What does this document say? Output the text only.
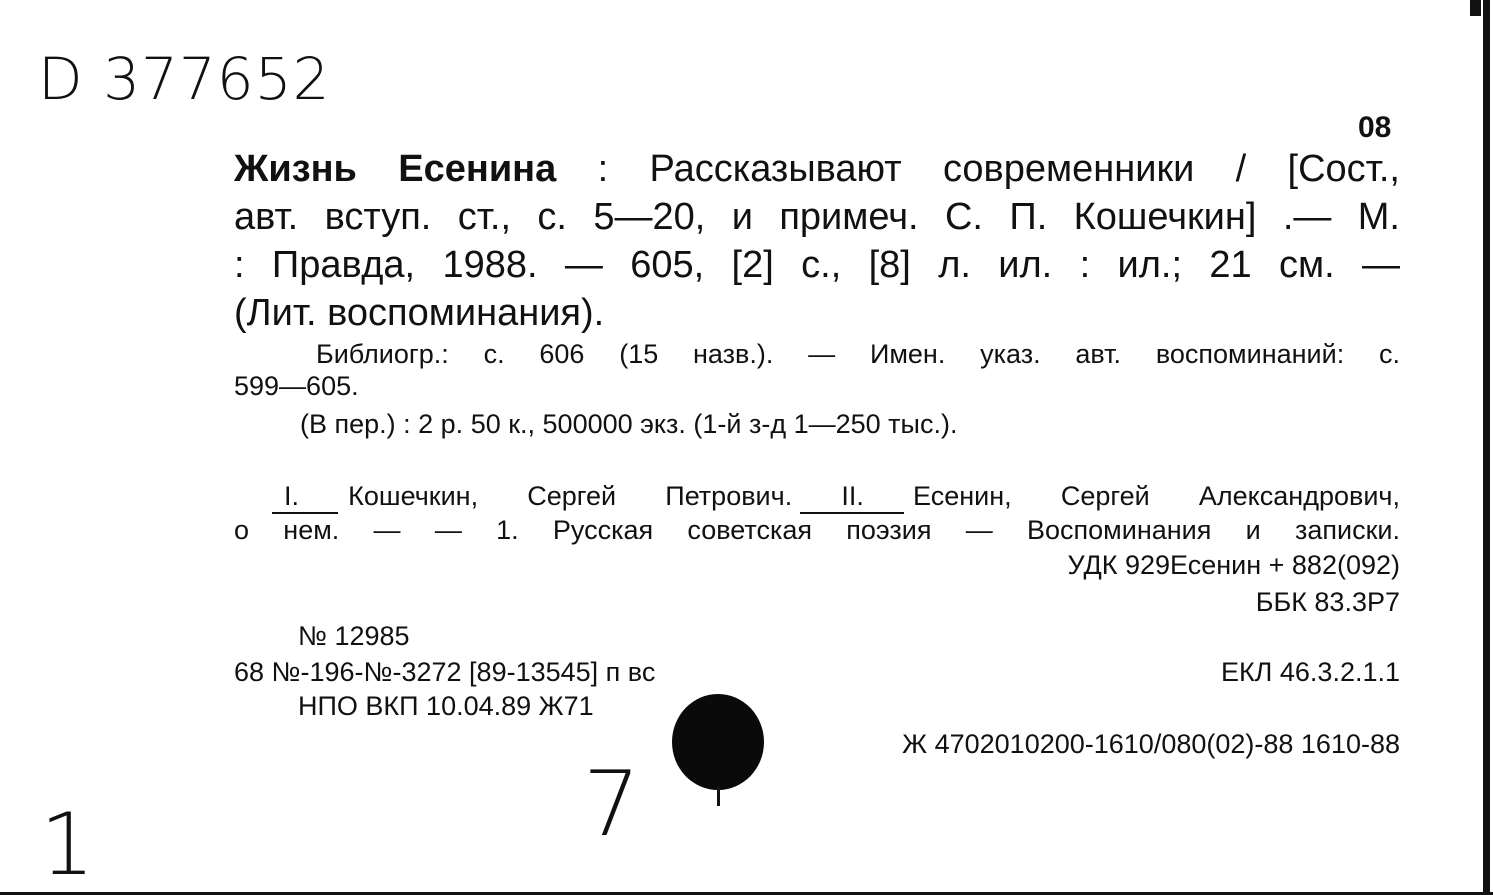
D 377652
08
Жизнь Есенина : Рассказывают современники / [Сост.,
авт. вступ. ст., с. 5—20, и примеч. С. П. Кошечкин] .— М.
: Правда, 1988. — 605, [2] с., [8] л. ил. : ил.; 21 см. —
(Лит. воспоминания).
Библиогр.: с. 606 (15 назв.). — Имен. указ. авт. воспоминаний: с.
599—605.
(В пер.) : 2 р. 50 к., 500000 экз. (1-й з-д 1—250 тыс.).
I. Кошечкин, Сергей Петрович. II. Есенин, Сергей Александрович,
о нем. — — 1. Русская советская поэзия — Воспоминания и записки.
УДК 929Есенин + 882(092)
ББК 83.3Р7
№ 12985
68 №-196-№-3272 [89-13545] п вс	ЕКЛ 46.3.2.1.1
НПО ВКП 10.04.89 Ж71
Ж 4702010200-1610/080(02)-88 1610-88
7
1
